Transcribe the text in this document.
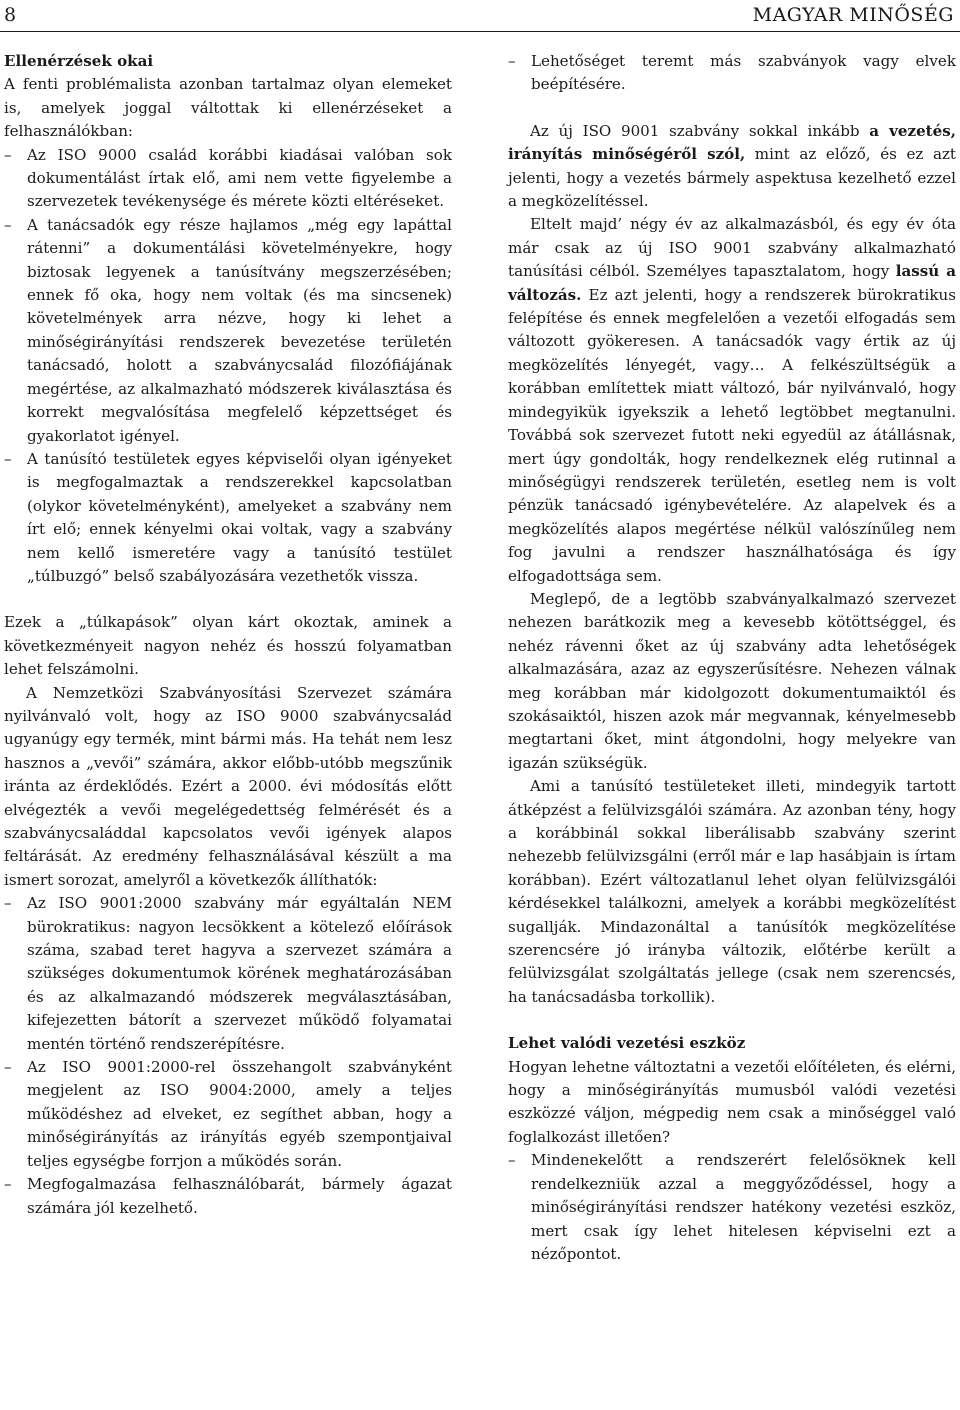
8	MAGYAR MINŐSÉG

Ellenérzések okai

A fenti problémalista azonban tartalmaz olyan elemeket is, amelyek joggal váltottak ki ellenérzéseket a felhasználókban:

– Az ISO 9000 család korábbi kiadásai valóban sok dokumentálást írtak elő, ami nem vette figyelembe a szervezetek tevékenysége és mérete közti eltéréseket.
– A tanácsadók egy része hajlamos „még egy lapáttal rátenni” a dokumentálási követelményekre, hogy biztosak legyenek a tanúsítvány megszerzésében; ennek fő oka, hogy nem voltak (és ma sincsenek) követelmények arra nézve, hogy ki lehet a minőségirányítási rendszerek bevezetése területén tanácsadó, holott a szabványcsalád filozófiájának megértése, az alkalmazható módszerek kiválasztása és korrekt megvalósítása megfelelő képzettséget és gyakorlatot igényel.
– A tanúsító testületek egyes képviselői olyan igényeket is megfogalmaztak a rendszerekkel kapcsolatban (olykor követelményként), amelyeket a szabvány nem írt elő; ennek kényelmi okai voltak, vagy a szabvány nem kellő ismeretére vagy a tanúsító testület „túlbuzgó” belső szabályozására vezethetők vissza.

Ezek a „túlkapások” olyan kárt okoztak, aminek a következményeit nagyon nehéz és hosszú folyamatban lehet felszámolni.

A Nemzetközi Szabványosítási Szervezet számára nyilvánvaló volt, hogy az ISO 9000 szabványcsalád ugyanúgy egy termék, mint bármi más. Ha tehát nem lesz hasznos a „vevői” számára, akkor előbb-utóbb megszűnik iránta az érdeklődés. Ezért a 2000. évi módosítás előtt elvégezték a vevői megelégedettség felmérését és a szabványcsaláddal kapcsolatos vevői igények alapos feltárását. Az eredmény felhasználásával készült a ma ismert sorozat, amelyről a következők állíthatók:

– Az ISO 9001:2000 szabvány már egyáltalán NEM bürokratikus: nagyon lecsökkent a kötelező előírások száma, szabad teret hagyva a szervezet számára a szükséges dokumentumok körének meghatározásában és az alkalmazandó módszerek megválasztásában, kifejezetten bátorít a szervezet működő folyamatai mentén történő rendszerépítésre.
– Az ISO 9001:2000-rel összehangolt szabványként megjelent az ISO 9004:2000, amely a teljes működéshez ad elveket, ez segíthet abban, hogy a minőségirányítás az irányítás egyéb szempontjaival teljes egységbe forrjon a működés során.
– Megfogalmazása felhasználóbarát, bármely ágazat számára jól kezelhető.
– Lehetőséget teremt más szabványok vagy elvek beépítésére.

Az új ISO 9001 szabvány sokkal inkább a vezetés, irányítás minőségéről szól, mint az előző, és ez azt jelenti, hogy a vezetés bármely aspektusa kezelhető ezzel a megközelítéssel.

Eltelt majd’ négy év az alkalmazásból, és egy év óta már csak az új ISO 9001 szabvány alkalmazható tanúsítási célból. Személyes tapasztalatom, hogy lassú a változás. Ez azt jelenti, hogy a rendszerek bürokratikus felépítése és ennek megfelelően a vezetői elfogadás sem változott gyökeresen. A tanácsadók vagy értik az új megközelítés lényegét, vagy… A felkészültségük a korábban említettek miatt változó, bár nyilvánvaló, hogy mindegyikük igyekszik a lehető legtöbbet megtanulni. Továbbá sok szervezet futott neki egyedül az átállásnak, mert úgy gondolták, hogy rendelkeznek elég rutinnal a minőségügyi rendszerek területén, esetleg nem is volt pénzük tanácsadó igénybevételére. Az alapelvek és a megközelítés alapos megértése nélkül valószínűleg nem fog javulni a rendszer használhatósága és így elfogadottsága sem.

Meglepő, de a legtöbb szabványalkalmazó szervezet nehezen barátkozik meg a kevesebb kötöttséggel, és nehéz rávenni őket az új szabvány adta lehetőségek alkalmazására, azaz az egyszerűsítésre. Nehezen válnak meg korábban már kidolgozott dokumentumaiktól és szokásaiktól, hiszen azok már megvannak, kényelmesebb megtartani őket, mint átgondolni, hogy melyekre van igazán szükségük.

Ami a tanúsító testületeket illeti, mindegyik tartott átképzést a felülvizsgálói számára. Az azonban tény, hogy a korábbinál sokkal liberálisabb szabvány szerint nehezebb felülvizsgálni (erről már e lap hasábjain is írtam korábban). Ezért változatlanul lehet olyan felülvizsgálói kérdésekkel találkozni, amelyek a korábbi megközelítést sugallják. Mindazonáltal a tanúsítók megközelítése szerencsére jó irányba változik, előtérbe került a felülvizsgálat szolgáltatás jellege (csak nem szerencsés, ha tanácsadásba torkollik).

Lehet valódi vezetési eszköz

Hogyan lehetne változtatni a vezetői előítéleten, és elérni, hogy a minőségirányítás mumusból valódi vezetési eszközzé váljon, mégpedig nem csak a minőséggel való foglalkozást illetően?

– Mindenekelőtt a rendszerért felelősöknek kell rendelkezniük azzal a meggyőződéssel, hogy a minőségirányítási rendszer hatékony vezetési eszköz, mert csak így lehet hitelesen képviselni ezt a nézőpontot.
